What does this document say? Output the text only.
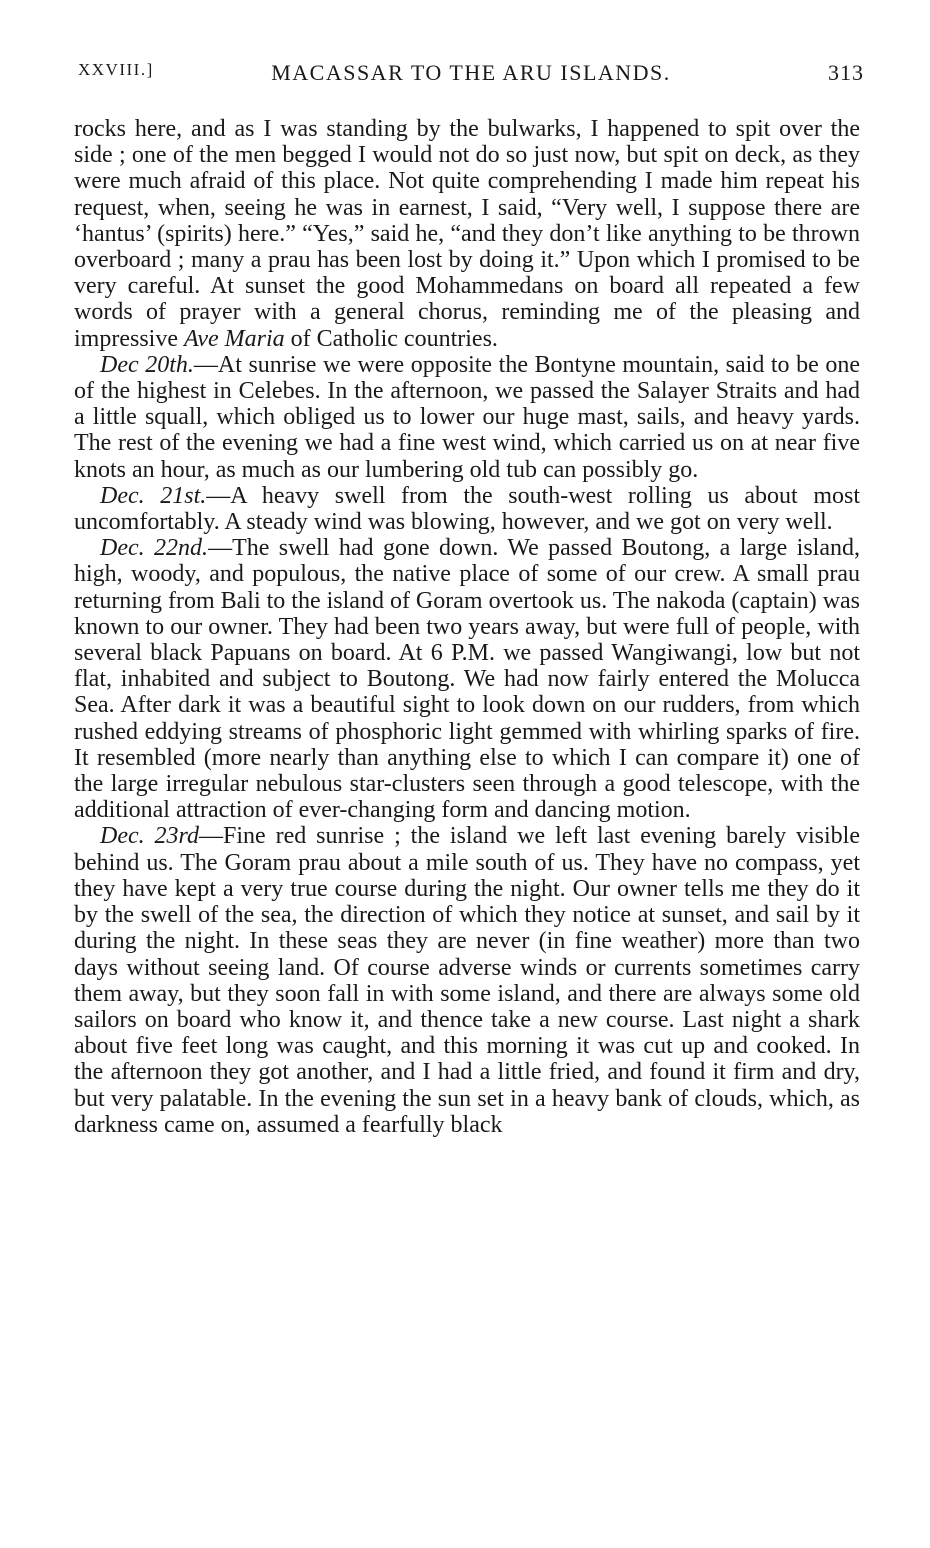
XXVIII.]	MACASSAR TO THE ARU ISLANDS.	313

rocks here, and as I was standing by the bulwarks, I happened to spit over the side ; one of the men begged I would not do so just now, but spit on deck, as they were much afraid of this place. Not quite comprehending I made him repeat his request, when, seeing he was in earnest, I said, “Very well, I suppose there are ‘hantus’ (spirits) here.” “Yes,” said he, “and they don’t like anything to be thrown overboard ; many a prau has been lost by doing it.” Upon which I promised to be very careful. At sunset the good Mohammedans on board all repeated a few words of prayer with a general chorus, reminding me of the pleasing and impressive Ave Maria of Catholic countries.

Dec 20th.—At sunrise we were opposite the Bontyne mountain, said to be one of the highest in Celebes. In the afternoon, we passed the Salayer Straits and had a little squall, which obliged us to lower our huge mast, sails, and heavy yards. The rest of the evening we had a fine west wind, which carried us on at near five knots an hour, as much as our lumbering old tub can possibly go.

Dec. 21st.—A heavy swell from the south-west rolling us about most uncomfortably. A steady wind was blowing, however, and we got on very well.

Dec. 22nd.—The swell had gone down. We passed Boutong, a large island, high, woody, and populous, the native place of some of our crew. A small prau returning from Bali to the island of Goram overtook us. The nakoda (captain) was known to our owner. They had been two years away, but were full of people, with several black Papuans on board. At 6 P.M. we passed Wangiwangi, low but not flat, inhabited and subject to Boutong. We had now fairly entered the Molucca Sea. After dark it was a beautiful sight to look down on our rudders, from which rushed eddying streams of phosphoric light gemmed with whirling sparks of fire. It resembled (more nearly than anything else to which I can compare it) one of the large irregular nebulous star-clusters seen through a good telescope, with the additional attraction of ever-changing form and dancing motion.

Dec. 23rd—Fine red sunrise ; the island we left last evening barely visible behind us. The Goram prau about a mile south of us. They have no compass, yet they have kept a very true course during the night. Our owner tells me they do it by the swell of the sea, the direction of which they notice at sunset, and sail by it during the night. In these seas they are never (in fine weather) more than two days without seeing land. Of course adverse winds or currents sometimes carry them away, but they soon fall in with some island, and there are always some old sailors on board who know it, and thence take a new course. Last night a shark about five feet long was caught, and this morning it was cut up and cooked. In the afternoon they got another, and I had a little fried, and found it firm and dry, but very palatable. In the evening the sun set in a heavy bank of clouds, which, as darkness came on, assumed a fearfully black
